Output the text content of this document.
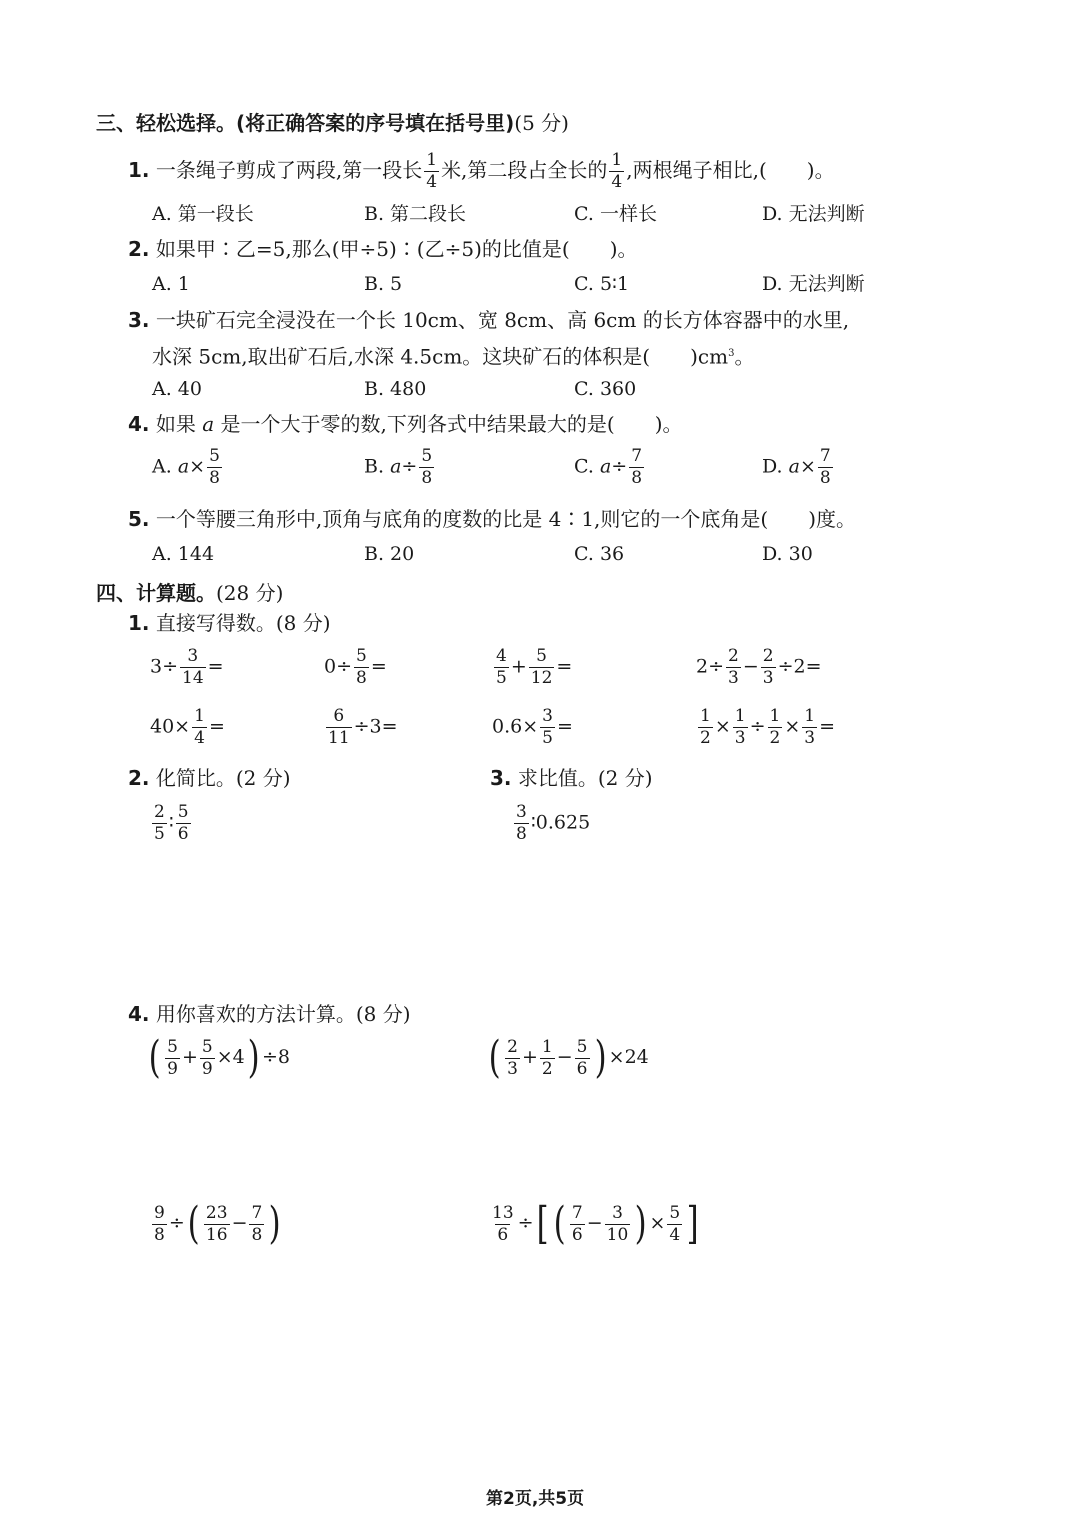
三、轻松选择。(将正确答案的序号填在括号里)(5 分)
1. 一条绳子剪成了两段,第一段长 $\frac{1}{4}$ 米,第二段占全长的 $\frac{1}{4}$ ,两根绳子相比,(　　)。
A. 第一段长	B. 第二段长	C. 一样长	D. 无法判断
2. 如果甲∶乙=5,那么(甲÷5)∶(乙÷5)的比值是(　　)。
A. 1	B. 5	C. 5∶1	D. 无法判断
3. 一块矿石完全浸没在一个长 10cm、宽 8cm、高 6cm 的长方体容器中的水里,
水深 5cm,取出矿石后,水深 4.5cm。这块矿石的体积是(　　)$cm^3$。
A. 40	B. 480	C. 360
4. 如果 a 是一个大于零的数,下列各式中结果最大的是(　　)。
A. $a\times \frac{5}{8}$	B. $a\div \frac{5}{8}$	C. $a\div \frac{7}{8}$	D. $a\times \frac{7}{8}$
5. 一个等腰三角形中,顶角与底角的度数的比是 4∶1,则它的一个底角是(　　)度。
A. 144	B. 20	C. 36	D. 30
四、计算题。(28 分)
1. 直接写得数。(8 分)
$3\div \frac{3}{14}$ =	$0\div \frac{5}{8}$ =	$\frac{4}{5} + \frac{5}{12}$ =	$2\div \frac{2}{3} - \frac{2}{3} \div 2=$
$40\times \frac{1}{4}$ =	$\frac{6}{11} \div 3=$	$0.6\times \frac{3}{5}$ =	$\frac{1}{2} \times \frac{1}{3} \div \frac{1}{2} \times \frac{1}{3}$ =
2. 化简比。(2 分)	3. 求比值。(2 分)
$\frac{2}{5}$ ∶ $\frac{5}{6}$	$\frac{3}{8}$ ∶0.625
4. 用你喜欢的方法计算。(8 分)
( $\frac{5}{9} + \frac{5}{9} \times 4) \div 8$	( $\frac{2}{3} + \frac{1}{2} - \frac{5}{6}$ ) ×24
$\frac{9}{8}$ ÷( $\frac{23}{16} - \frac{7}{8}$ )	$\frac{13}{6}$ ÷[ ( $\frac{7}{6} - \frac{3}{10}$ ) × $\frac{5}{4}$ ]
第2页,共5页
